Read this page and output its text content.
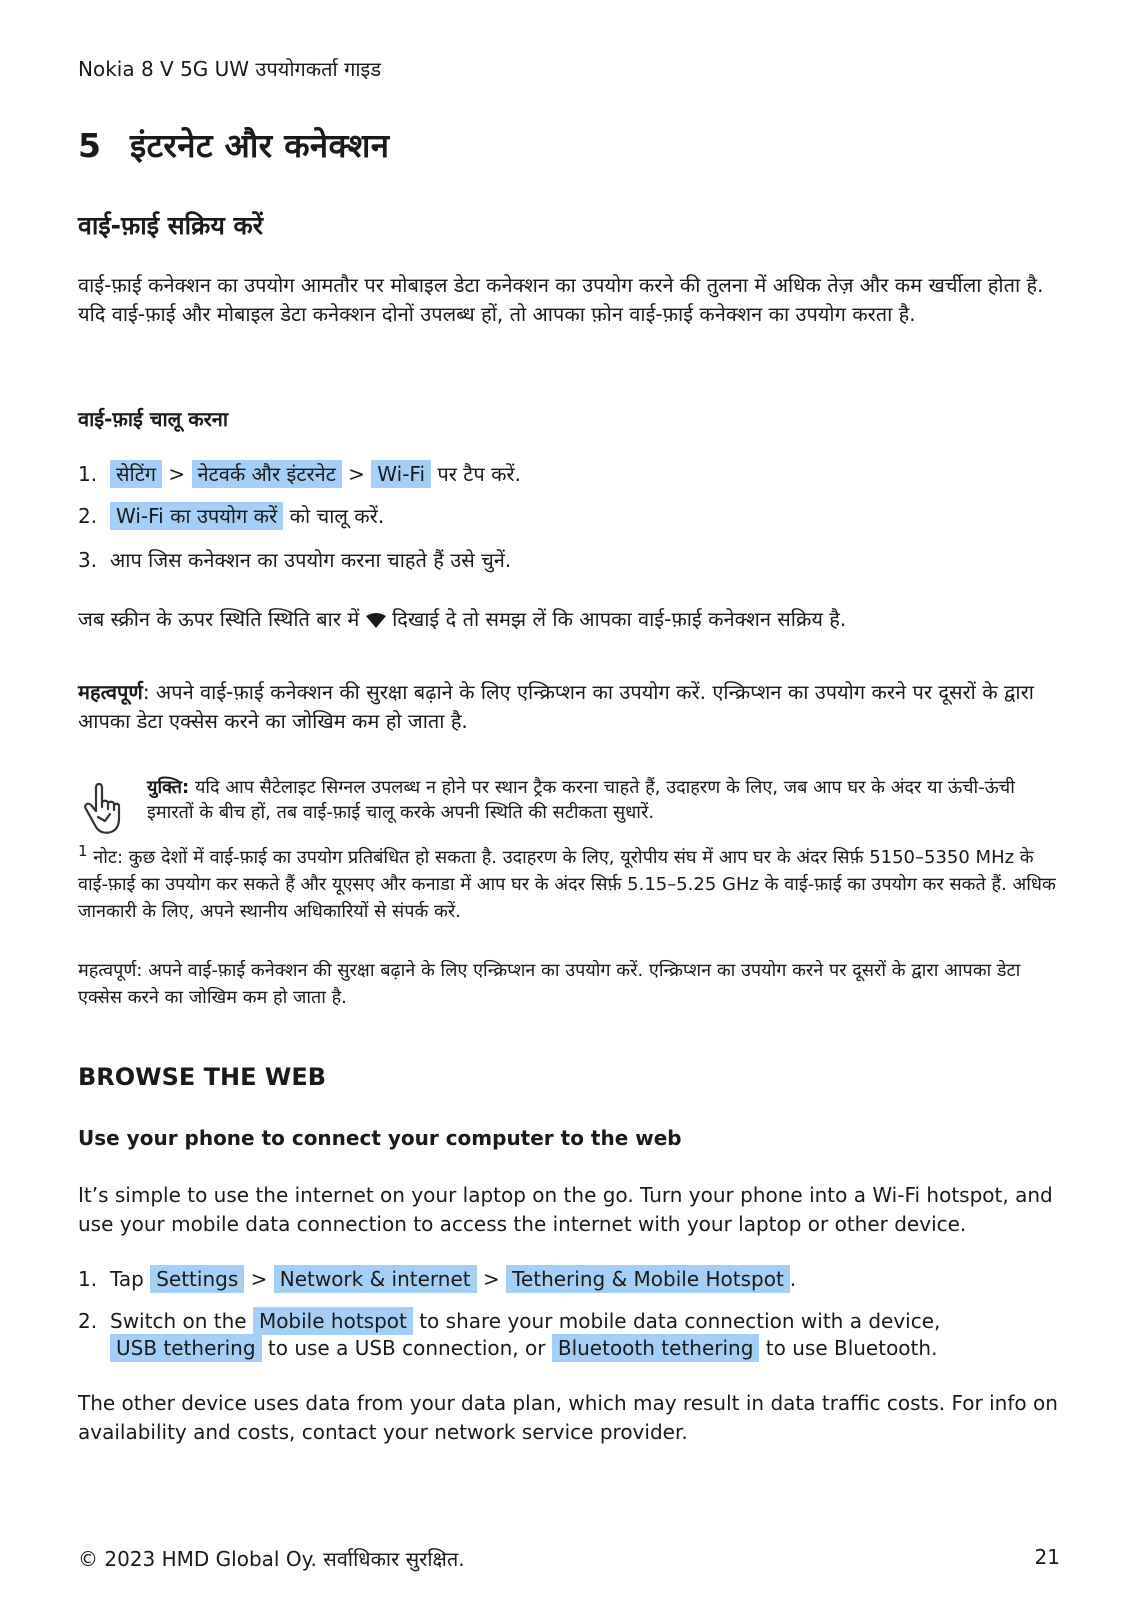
Nokia 8 V 5G UW उपयोगकर्ता गाइड
5 इंटरनेट और कनेक्शन
वाई-फ़ाई सक्रिय करें

वाई-फ़ाई कनेक्शन का उपयोग आमतौर पर मोबाइल डेटा कनेक्शन का उपयोग करने की तुलना में अधिक तेज़ और कम खर्चीला होता है. यदि वाई-फ़ाई और मोबाइल डेटा कनेक्शन दोनों उपलब्ध हों, तो आपका फ़ोन वाई-फ़ाई कनेक्शन का उपयोग करता है.

वाई-फ़ाई चालू करना
1. सेटिंग > नेटवर्क और इंटरनेट > Wi-Fi पर टैप करें.
2. Wi-Fi का उपयोग करें को चालू करें.
3. आप जिस कनेक्शन का उपयोग करना चाहते हैं उसे चुनें.

जब स्क्रीन के ऊपर स्थिति स्थिति बार में दिखाई दे तो समझ लें कि आपका वाई-फ़ाई कनेक्शन सक्रिय है.

महत्वपूर्ण: अपने वाई-फ़ाई कनेक्शन की सुरक्षा बढ़ाने के लिए एन्क्रिप्शन का उपयोग करें. एन्क्रिप्शन का उपयोग करने पर दूसरों के द्वारा आपका डेटा एक्सेस करने का जोखिम कम हो जाता है.

युक्ति: यदि आप सैटेलाइट सिग्नल उपलब्ध न होने पर स्थान ट्रैक करना चाहते हैं, उदाहरण के लिए, जब आप घर के अंदर या ऊंची-ऊंची इमारतों के बीच हों, तब वाई-फ़ाई चालू करके अपनी स्थिति की सटीकता सुधारें.

$^1$ नोट: कुछ देशों में वाई-फ़ाई का उपयोग प्रतिबंधित हो सकता है. उदाहरण के लिए, यूरोपीय संघ में आप घर के अंदर सिर्फ़ 5150–5350 MHz के वाई-फ़ाई का उपयोग कर सकते हैं और यूएसए और कनाडा में आप घर के अंदर सिर्फ़ 5.15–5.25 GHz के वाई-फ़ाई का उपयोग कर सकते हैं. अधिक जानकारी के लिए, अपने स्थानीय अधिकारियों से संपर्क करें.

महत्वपूर्ण: अपने वाई-फ़ाई कनेक्शन की सुरक्षा बढ़ाने के लिए एन्क्रिप्शन का उपयोग करें. एन्क्रिप्शन का उपयोग करने पर दूसरों के द्वारा आपका डेटा एक्सेस करने का जोखिम कम हो जाता है.

BROWSE THE WEB
Use your phone to connect your computer to the web

It’s simple to use the internet on your laptop on the go. Turn your phone into a Wi-Fi hotspot, and use your mobile data connection to access the internet with your laptop or other device.

1. Tap Settings > Network & internet > Tethering & Mobile Hotspot .
2. Switch on the Mobile hotspot to share your mobile data connection with a device,
USB tethering to use a USB connection, or Bluetooth tethering to use Bluetooth.

The other device uses data from your data plan, which may result in data traffic costs. For info on availability and costs, contact your network service provider.

© 2023 HMD Global Oy. सर्वाधिकार सुरक्षित.	21
